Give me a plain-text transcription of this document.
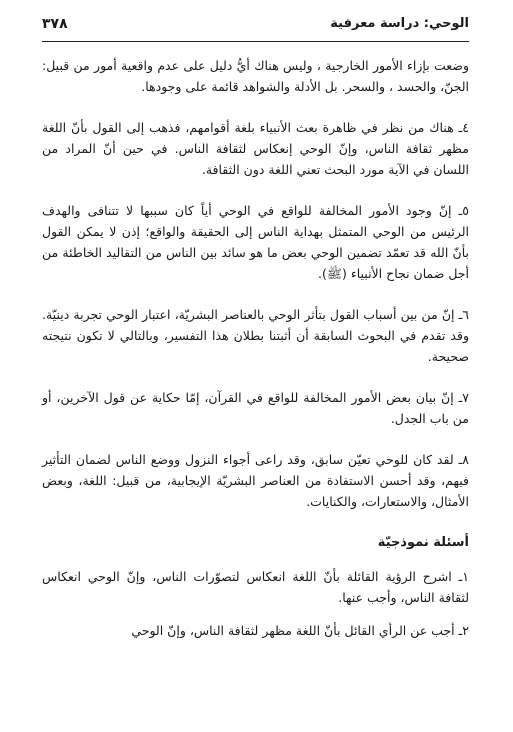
٣٧٨	الوحي: دراسة معرفية

وضعت بإزاء الأمور الخارجية ، وليس هناك أيُّ دليل على عدم واقعية أمور من قبيل: الجنّ، والحسد ، والسحر. بل الأدلة والشواهد قائمة على وجودها.

٤ـ هناك من نظر في ظاهرة بعث الأنبياء بلغة أقوامهم، فذهب إلى القول بأنّ اللغة مظهر ثقافة الناس، وإنّ الوحي إنعكاس لثقافة الناس. في حين أنّ المراد من اللسان في الآية مورد البحث تعني اللغة دون الثقافة.

٥ـ إنّ وجود الأمور المخالفة للواقع في الوحي أياً كان سببها لا تتنافى والهدف الرئيس من الوحي المتمثل بهداية الناس إلى الحقيقة والواقع؛ إذن لا يمكن القول بأنّ الله قد تعمّد تضمين الوحي بعض ما هو سائد بين الناس من التقاليد الخاطئة من أجل ضمان نجاح الأنبياء (ﷺ).

٦ـ إنّ من بين أسباب القول بتأثر الوحي بالعناصر البشريّة، اعتبار الوحي تجربة دينيّة. وقد تقدم في البحوث السابقة أن أثبتنا بطلان هذا التفسير، وبالتالي لا تكون نتيجته صحيحة.

٧ـ إنّ بيان بعض الأمور المخالفة للواقع في القرآن، إمّا حكاية عن قول الآخرين، أو من باب الجدل.

٨ـ لقد كان للوحي تعيّن سابق، وقد راعى أجواء النزول ووضع الناس لضمان التأثير فيهم، وقد أحسن الاستفادة من العناصر البشريّة الإيجابية، من قبيل: اللغة، وبعض الأمثال، والاستعارات، والكنايات.

أسئلة نموذجيّة

١ـ اشرح الرؤية القائلة بأنّ اللغة انعكاس لتصوّرات الناس، وإنّ الوحي انعكاس لثقافة الناس، وأجب عنها.

٢ـ أجب عن الرأي القائل بأنّ اللغة مظهر لثقافة الناس، وإنّ الوحي
